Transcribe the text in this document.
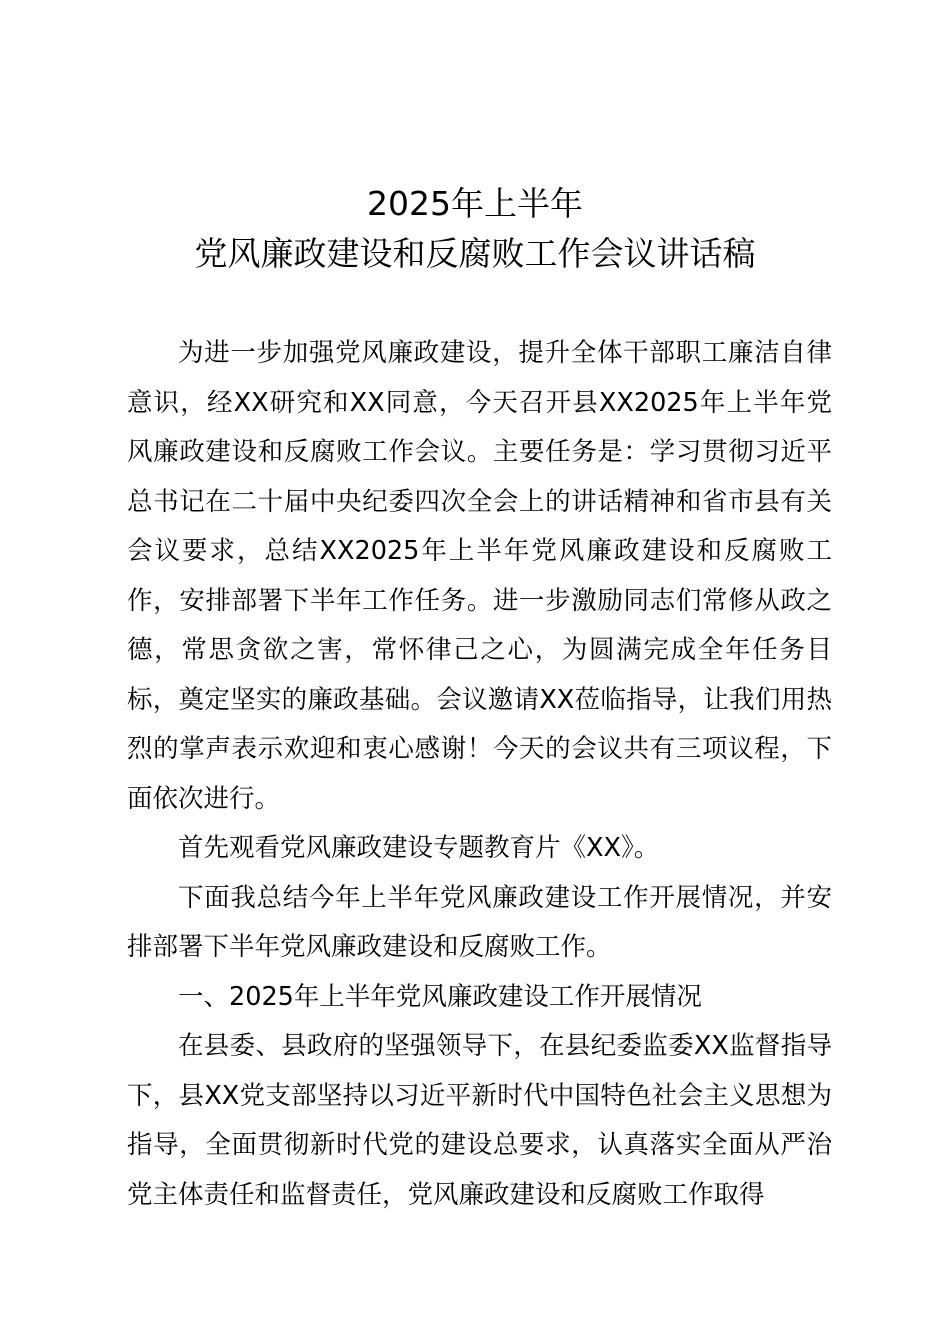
2025年上半年
党风廉政建设和反腐败工作会议讲话稿

为进一步加强党风廉政建设，提升全体干部职工廉洁自律意识，经XX研究和XX同意，今天召开县XX2025年上半年党风廉政建设和反腐败工作会议。主要任务是：学习贯彻习近平总书记在二十届中央纪委四次全会上的讲话精神和省市县有关会议要求，总结XX2025年上半年党风廉政建设和反腐败工作，安排部署下半年工作任务。进一步激励同志们常修从政之德，常思贪欲之害，常怀律己之心，为圆满完成全年任务目标，奠定坚实的廉政基础。会议邀请XX莅临指导，让我们用热烈的掌声表示欢迎和衷心感谢！今天的会议共有三项议程，下面依次进行。

首先观看党风廉政建设专题教育片《XX》。

下面我总结今年上半年党风廉政建设工作开展情况，并安排部署下半年党风廉政建设和反腐败工作。

一、2025年上半年党风廉政建设工作开展情况

在县委、县政府的坚强领导下，在县纪委监委XX监督指导下，县XX党支部坚持以习近平新时代中国特色社会主义思想为指导，全面贯彻新时代党的建设总要求，认真落实全面从严治党主体责任和监督责任，党风廉政建设和反腐败工作取得
